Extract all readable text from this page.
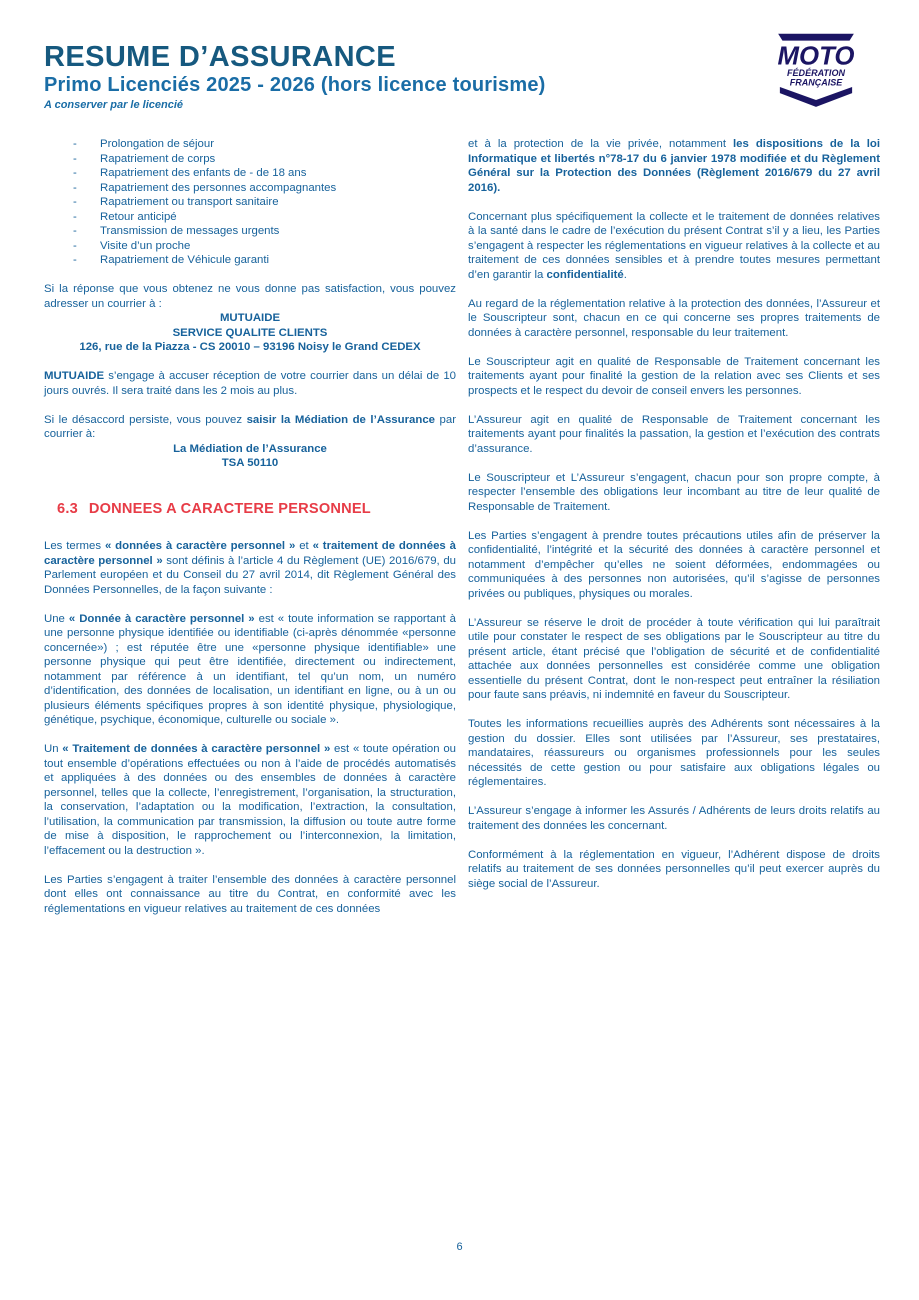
RESUME D’ASSURANCE
Primo Licenciés 2025 - 2026 (hors licence tourisme)

A conserver par le licencié

MOTO
FÉDÉRATION
FRANÇAISE
- Prolongation de séjour
- Rapatriement de corps
- Rapatriement des enfants de - de 18 ans
- Rapatriement des personnes accompagnantes
- Rapatriement ou transport sanitaire
- Retour anticipé
- Transmission de messages urgents
- Visite d’un proche
- Rapatriement de Véhicule garanti

Si la réponse que vous obtenez ne vous donne pas satisfaction, vous pouvez adresser un courrier à :

MUTUAIDE
SERVICE QUALITE CLIENTS
126, rue de la Piazza - CS 20010 – 93196 Noisy le Grand CEDEX

MUTUAIDE s’engage à accuser réception de votre courrier dans un délai de 10 jours ouvrés. Il sera traité dans les 2 mois au plus.

Si le désaccord persiste, vous pouvez saisir la Médiation de l’Assurance par courrier à:

La Médiation de l’Assurance
TSA 50110
6.3 DONNEES A CARACTERE PERSONNEL

Les termes « données à caractère personnel » et « traitement de données à caractère personnel » sont définis à l’article 4 du Règlement (UE) 2016/679, du Parlement européen et du Conseil du 27 avril 2014, dit Règlement Général des Données Personnelles, de la façon suivante :

Une « Donnée à caractère personnel » est « toute information se rapportant à une personne physique identifiée ou identifiable (ci-après dénommée «personne concernée») ; est réputée être une «personne physique identifiable» une personne physique qui peut être identifiée, directement ou indirectement, notamment par référence à un identifiant, tel qu’un nom, un numéro d’identification, des données de localisation, un identifiant en ligne, ou à un ou plusieurs éléments spécifiques propres à son identité physique, physiologique, génétique, psychique, économique, culturelle ou sociale ».

Un « Traitement de données à caractère personnel » est « toute opération ou tout ensemble d’opérations effectuées ou non à l’aide de procédés automatisés et appliquées à des données ou des ensembles de données à caractère personnel, telles que la collecte, l’enregistrement, l’organisation, la structuration, la conservation, l’adaptation ou la modification, l’extraction, la consultation, l’utilisation, la communication par transmission, la diffusion ou toute autre forme de mise à disposition, le rapprochement ou l’interconnexion, la limitation, l’effacement ou la destruction ».

Les Parties s’engagent à traiter l’ensemble des données à caractère personnel dont elles ont connaissance au titre du Contrat, en conformité avec les réglementations en vigueur relatives au traitement de ces données

et à la protection de la vie privée, notamment les dispositions de la loi Informatique et libertés n°78-17 du 6 janvier 1978 modifiée et du Règlement Général sur la Protection des Données (Règlement 2016/679 du 27 avril 2016).

Concernant plus spécifiquement la collecte et le traitement de données relatives à la santé dans le cadre de l’exécution du présent Contrat s’il y a lieu, les Parties s’engagent à respecter les réglementations en vigueur relatives à la collecte et au traitement de ces données sensibles et à prendre toutes mesures permettant d’en garantir la confidentialité.

Au regard de la réglementation relative à la protection des données, l’Assureur et le Souscripteur sont, chacun en ce qui concerne ses propres traitements de données à caractère personnel, responsable du leur traitement.

Le Souscripteur agit en qualité de Responsable de Traitement concernant les traitements ayant pour finalité la gestion de la relation avec ses Clients et ses prospects et le respect du devoir de conseil envers les personnes.

L’Assureur agit en qualité de Responsable de Traitement concernant les traitements ayant pour finalités la passation, la gestion et l’exécution des contrats d’assurance.

Le Souscripteur et L’Assureur s’engagent, chacun pour son propre compte, à respecter l’ensemble des obligations leur incombant au titre de leur qualité de Responsable de Traitement.

Les Parties s’engagent à prendre toutes précautions utiles afin de préserver la confidentialité, l’intégrité et la sécurité des données à caractère personnel et notamment d’empêcher qu’elles ne soient déformées, endommagées ou communiquées à des personnes non autorisées, qu’il s’agisse de personnes privées ou publiques, physiques ou morales.

L’Assureur se réserve le droit de procéder à toute vérification qui lui paraîtrait utile pour constater le respect de ses obligations par le Souscripteur au titre du présent article, étant précisé que l’obligation de sécurité et de confidentialité attachée aux données personnelles est considérée comme une obligation essentielle du présent Contrat, dont le non-respect peut entraîner la résiliation pour faute sans préavis, ni indemnité en faveur du Souscripteur.

Toutes les informations recueillies auprès des Adhérents sont nécessaires à la gestion du dossier. Elles sont utilisées par l’Assureur, ses prestataires, mandataires, réassureurs ou organismes professionnels pour les seules nécessités de cette gestion ou pour satisfaire aux obligations légales ou réglementaires.

L’Assureur s’engage à informer les Assurés / Adhérents de leurs droits relatifs au traitement des données les concernant.

Conformément à la réglementation en vigueur, l’Adhérent dispose de droits relatifs au traitement de ses données personnelles qu’il peut exercer auprès du siège social de l’Assureur.

6
